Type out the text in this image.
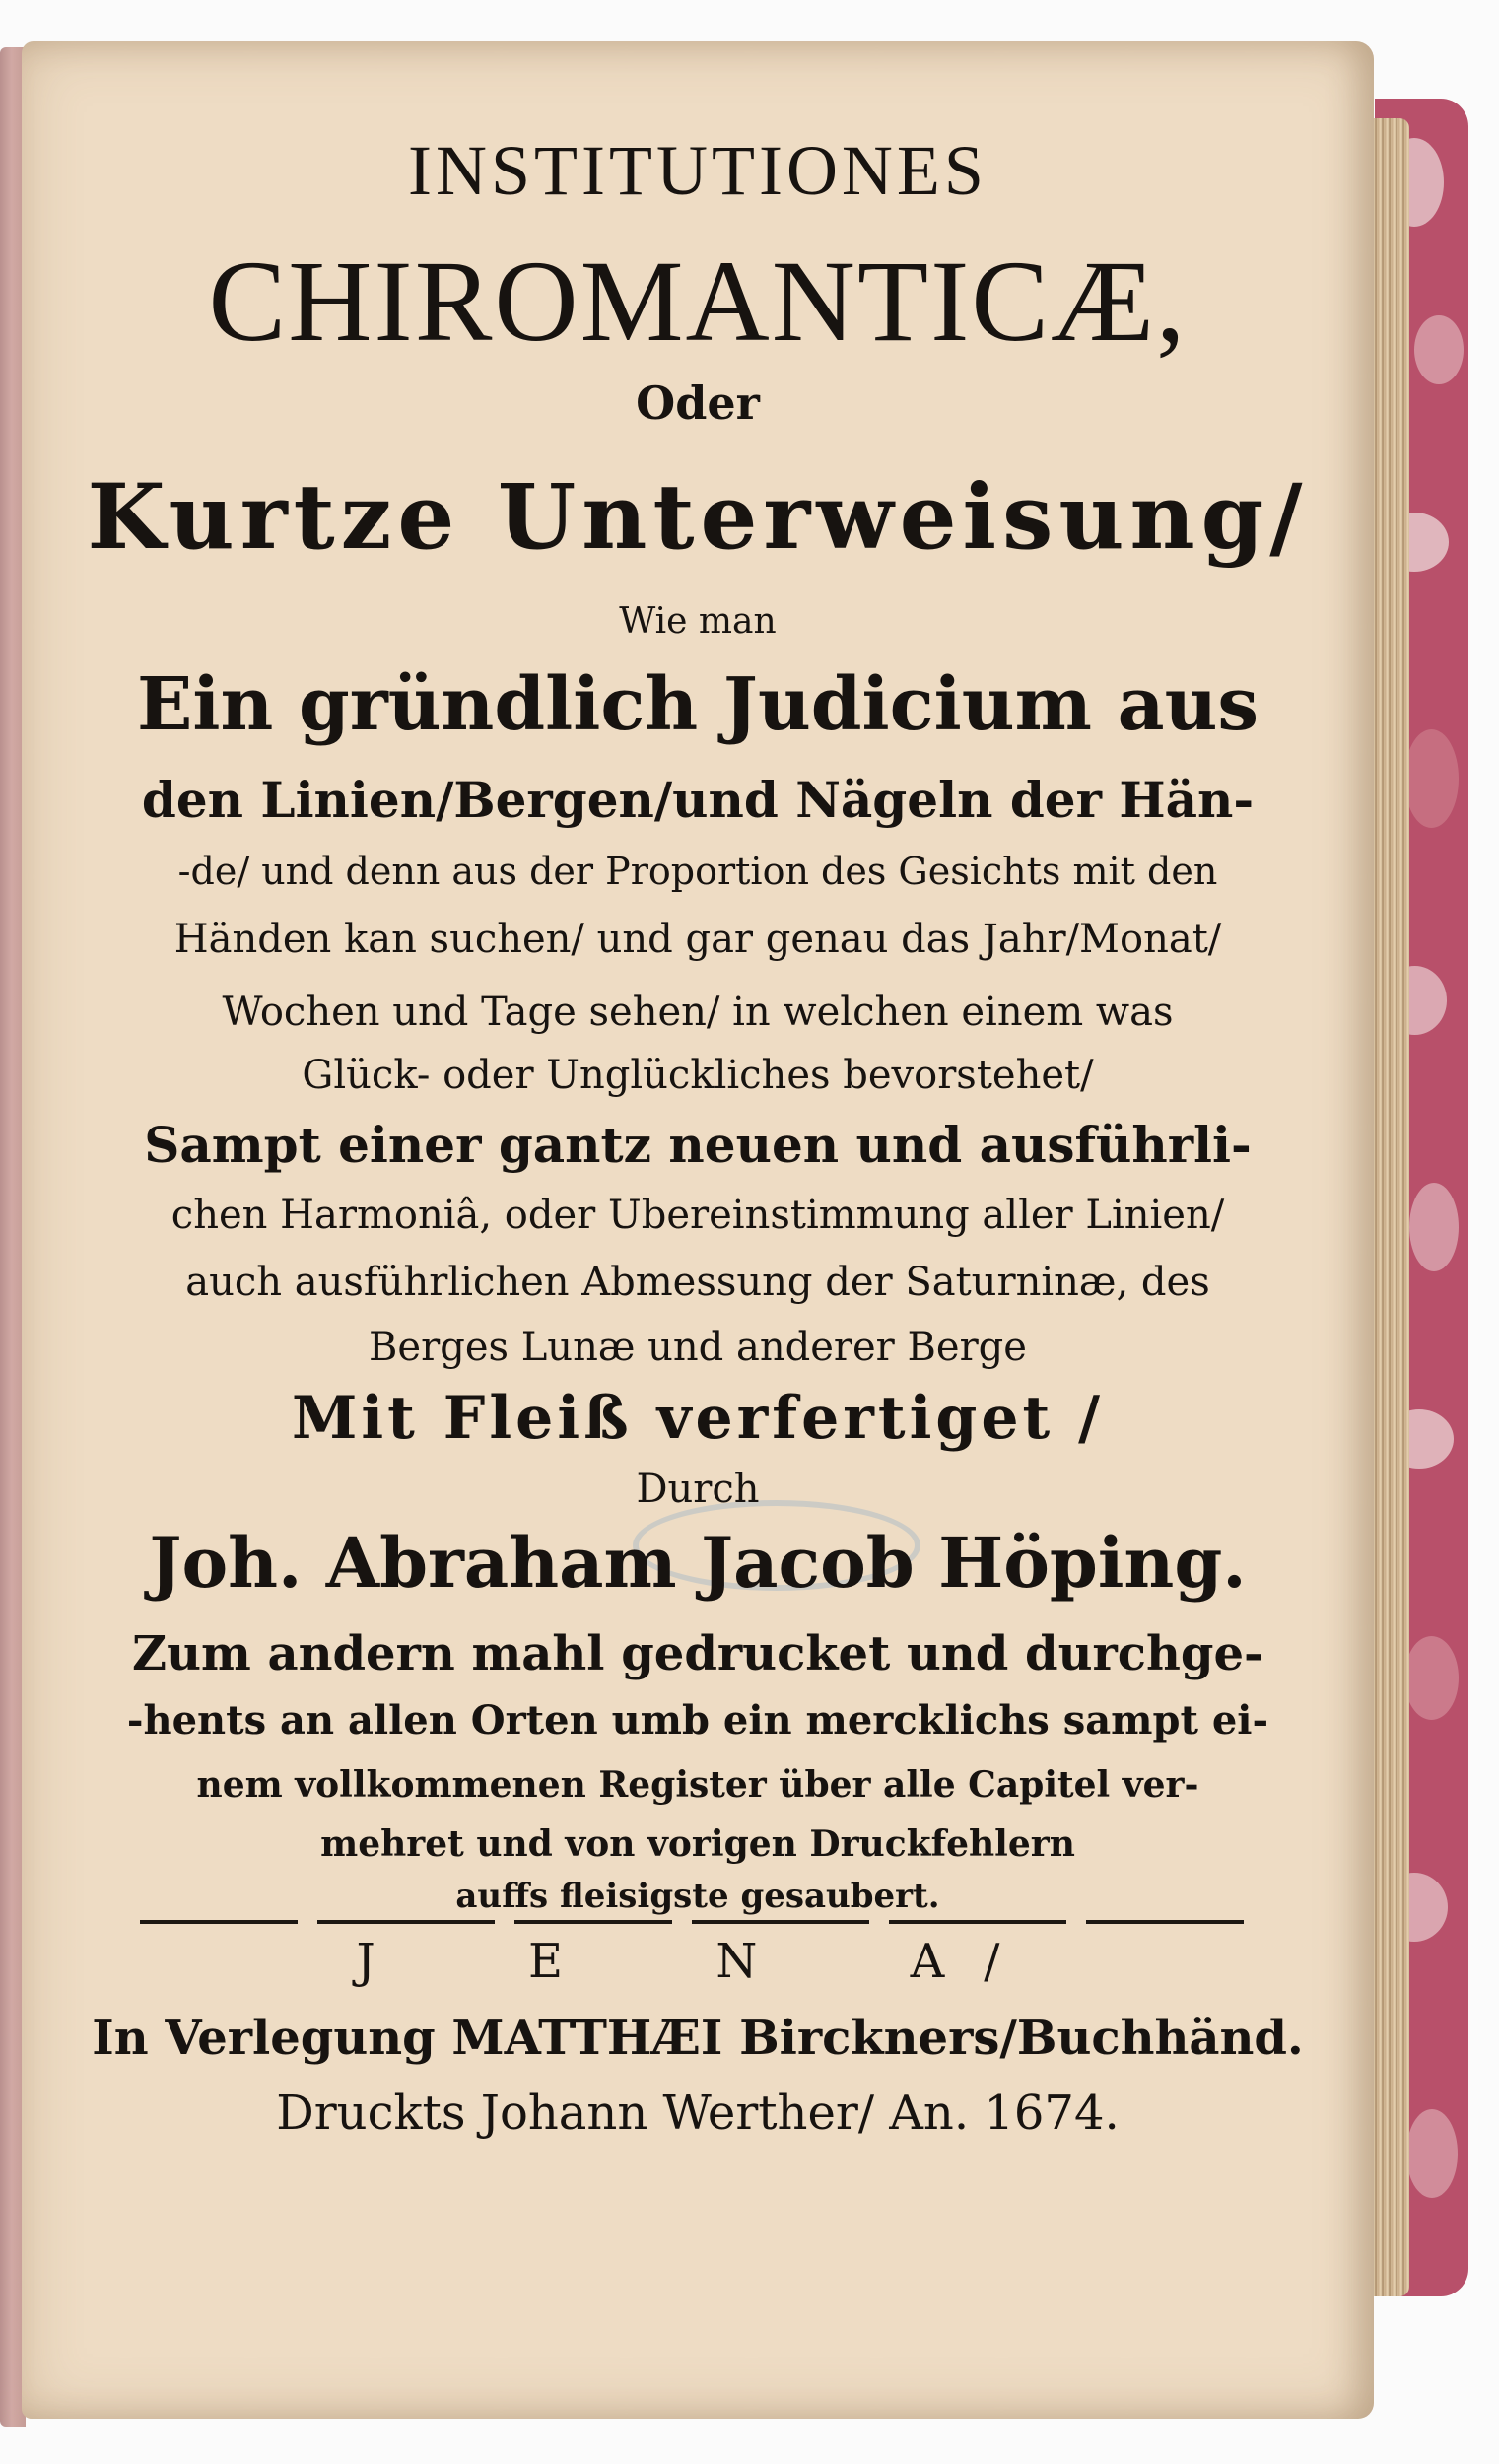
INSTITUTIONES

CHIROMANTICÆ,

Oder

Kurtze Unterweisung/

Wie man

Ein gründlich Judicium aus

den Linien/Bergen/und Nägeln der Hän-

-de/ und denn aus der Proportion des Gesichts mit den

Händen kan suchen/ und gar genau das Jahr/Monat/

Wochen und Tage sehen/ in welchen einem was

Glück- oder Unglückliches bevorstehet/

Sampt einer gantz neuen und ausführli-

chen Harmoniâ, oder Ubereinstimmung aller Linien/

auch ausführlichen Abmessung der Saturninæ, des

Berges Lunæ und anderer Berge

Mit Fleiß verfertiget /

Durch

Joh. Abraham Jacob Höping.

Zum andern mahl gedrucket und durchge-

-hents an allen Orten umb ein mercklichs sampt ei-

nem vollkommenen Register über alle Capitel ver-

mehret und von vorigen Druckfehlern

auffs fleisigste gesaubert.

J E N A/

In Verlegung MATTHÆI Birckners/Buchhänd.

Druckts Johann Werther/ An. 1674.
